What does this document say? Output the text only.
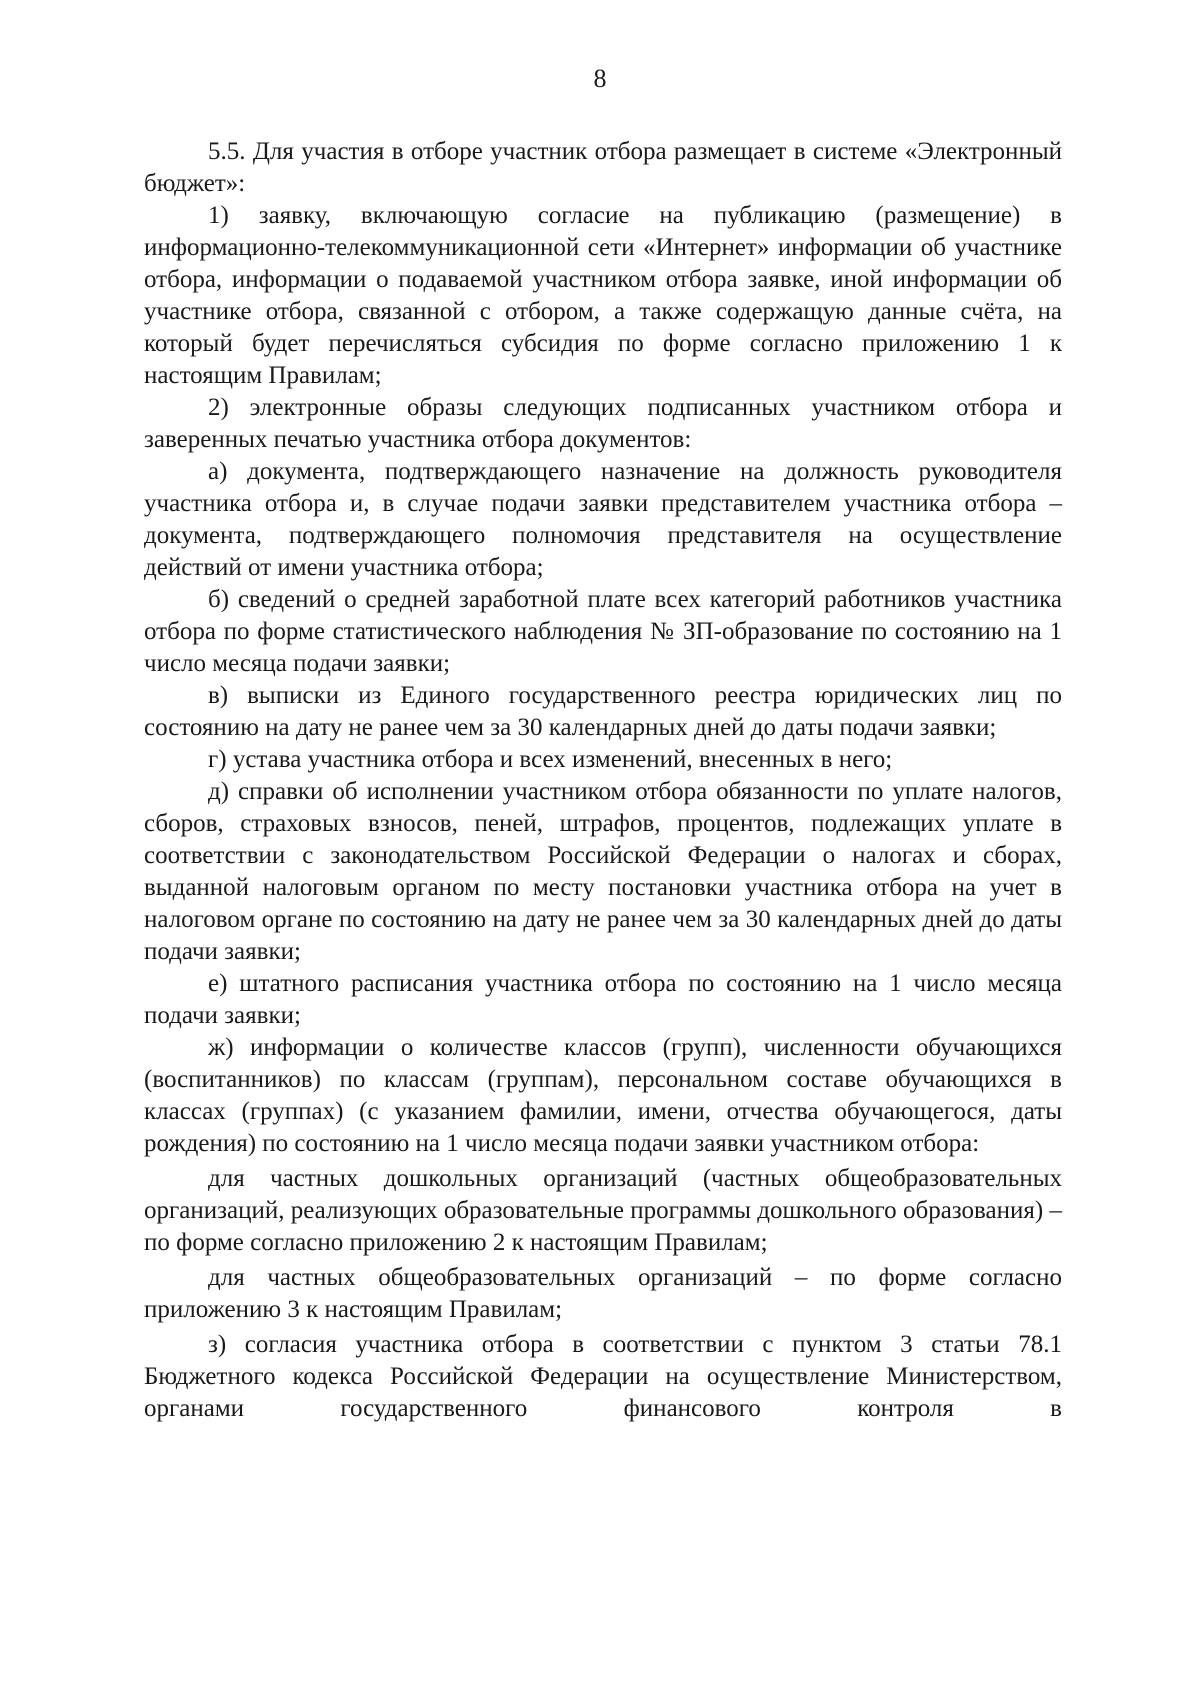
8

5.5. Для участия в отборе участник отбора размещает в системе «Электронный бюджет»:

1) заявку, включающую согласие на публикацию (размещение) в информационно-телекоммуникационной сети «Интернет» информации об участнике отбора, информации о подаваемой участником отбора заявке, иной информации об участнике отбора, связанной с отбором, а также содержащую данные счёта, на который будет перечисляться субсидия по форме согласно приложению 1 к настоящим Правилам;

2) электронные образы следующих подписанных участником отбора и заверенных печатью участника отбора документов:

а) документа, подтверждающего назначение на должность руководителя участника отбора и, в случае подачи заявки представителем участника отбора – документа, подтверждающего полномочия представителя на осуществление действий от имени участника отбора;

б) сведений о средней заработной плате всех категорий работников участника отбора по форме статистического наблюдения № ЗП-образование по состоянию на 1 число месяца подачи заявки;

в) выписки из Единого государственного реестра юридических лиц по состоянию на дату не ранее чем за 30 календарных дней до даты подачи заявки;

г) устава участника отбора и всех изменений, внесенных в него;

д) справки об исполнении участником отбора обязанности по уплате налогов, сборов, страховых взносов, пеней, штрафов, процентов, подлежащих уплате в соответствии с законодательством Российской Федерации о налогах и сборах, выданной налоговым органом по месту постановки участника отбора на учет в налоговом органе по состоянию на дату не ранее чем за 30 календарных дней до даты подачи заявки;

е) штатного расписания участника отбора по состоянию на 1 число месяца подачи заявки;

ж) информации о количестве классов (групп), численности обучающихся (воспитанников) по классам (группам), персональном составе обучающихся в классах (группах) (с указанием фамилии, имени, отчества обучающегося, даты рождения) по состоянию на 1 число месяца подачи заявки участником отбора:

для частных дошкольных организаций (частных общеобразовательных организаций, реализующих образовательные программы дошкольного образования) – по форме согласно приложению 2 к настоящим Правилам;

для частных общеобразовательных организаций – по форме согласно приложению 3 к настоящим Правилам;

з) согласия участника отбора в соответствии с пунктом 3 статьи 78.1 Бюджетного кодекса Российской Федерации на осуществление Министерством, органами государственного финансового контроля в
